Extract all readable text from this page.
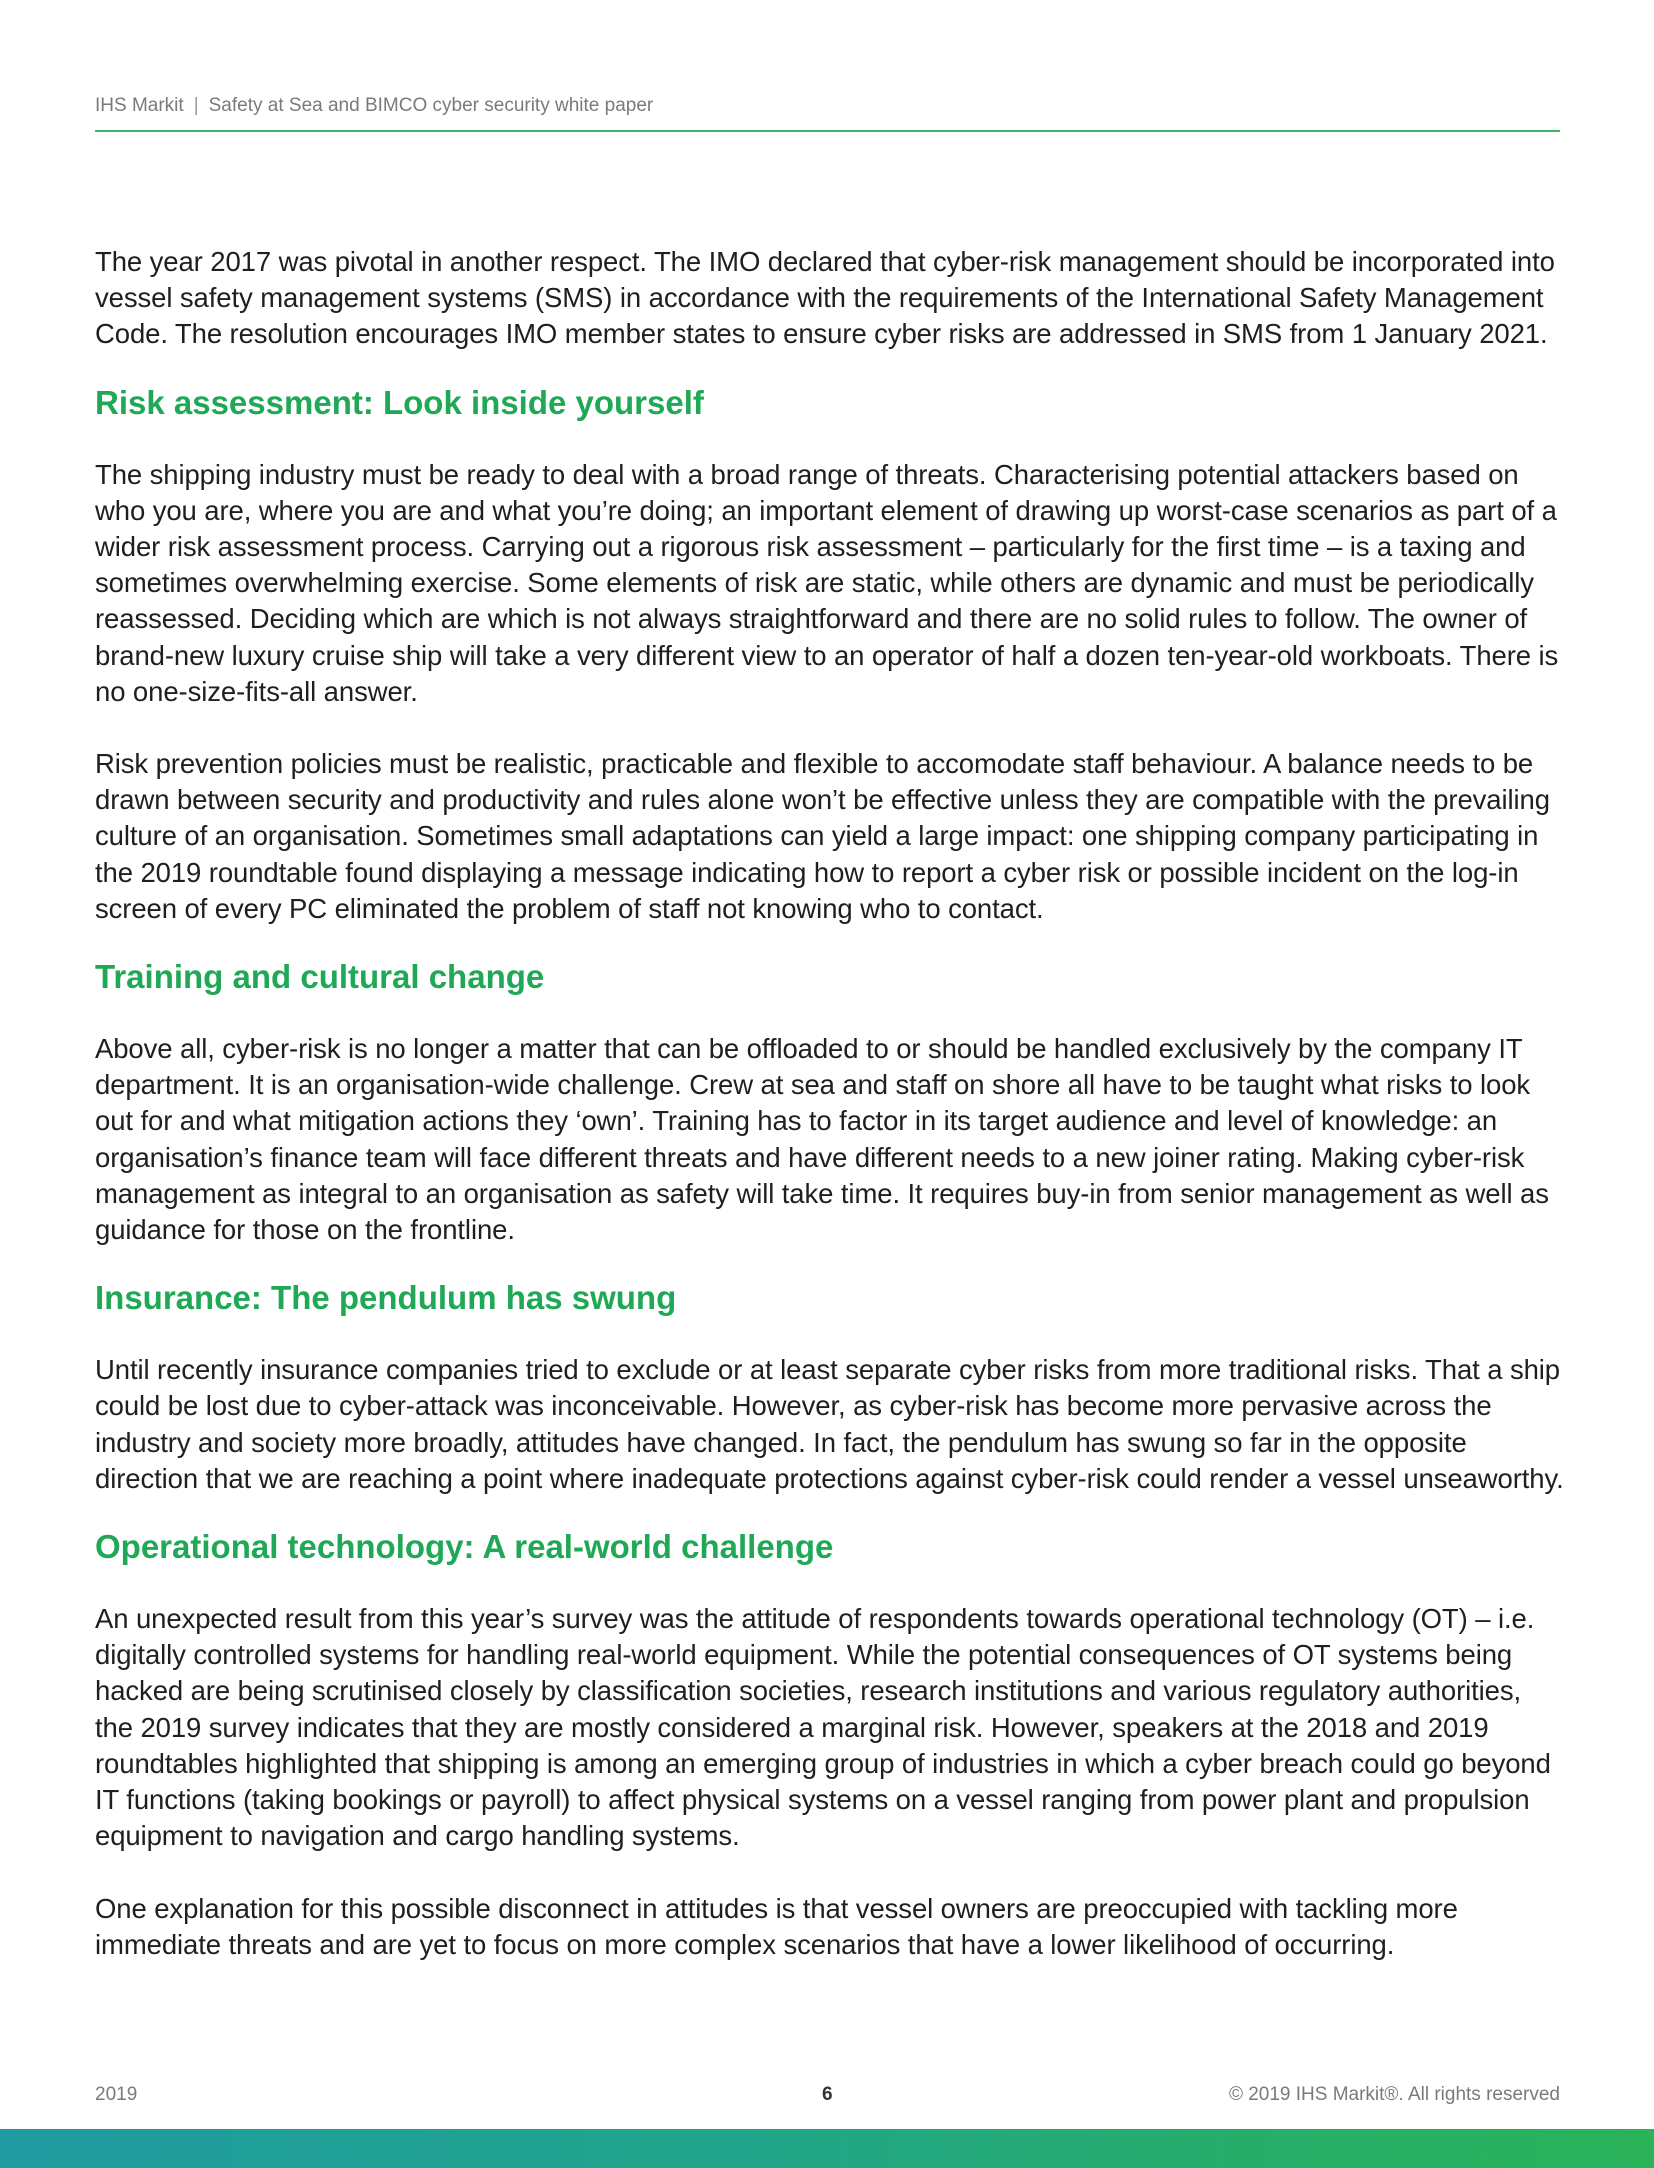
IHS Markit | Safety at Sea and BIMCO cyber security white paper

The year 2017 was pivotal in another respect. The IMO declared that cyber-risk management should be incorporated into vessel safety management systems (SMS) in accordance with the requirements of the International Safety Management Code. The resolution encourages IMO member states to ensure cyber risks are addressed in SMS from 1 January 2021.

Risk assessment: Look inside yourself

The shipping industry must be ready to deal with a broad range of threats. Characterising potential attackers based on who you are, where you are and what you’re doing; an important element of drawing up worst-case scenarios as part of a wider risk assessment process. Carrying out a rigorous risk assessment – particularly for the first time – is a taxing and sometimes overwhelming exercise. Some elements of risk are static, while others are dynamic and must be periodically reassessed. Deciding which are which is not always straightforward and there are no solid rules to follow. The owner of brand-new luxury cruise ship will take a very different view to an operator of half a dozen ten-year-old workboats. There is no one-size-fits-all answer.

Risk prevention policies must be realistic, practicable and flexible to accomodate staff behaviour. A balance needs to be drawn between security and productivity and rules alone won’t be effective unless they are compatible with the prevailing culture of an organisation. Sometimes small adaptations can yield a large impact: one shipping company participating in the 2019 roundtable found displaying a message indicating how to report a cyber risk or possible incident on the log-in screen of every PC eliminated the problem of staff not knowing who to contact.

Training and cultural change

Above all, cyber-risk is no longer a matter that can be offloaded to or should be handled exclusively by the company IT department. It is an organisation-wide challenge. Crew at sea and staff on shore all have to be taught what risks to look out for and what mitigation actions they ‘own’. Training has to factor in its target audience and level of knowledge: an organisation’s finance team will face different threats and have different needs to a new joiner rating. Making cyber-risk management as integral to an organisation as safety will take time. It requires buy-in from senior management as well as guidance for those on the frontline.

Insurance: The pendulum has swung

Until recently insurance companies tried to exclude or at least separate cyber risks from more traditional risks. That a ship could be lost due to cyber-attack was inconceivable. However, as cyber-risk has become more pervasive across the industry and society more broadly, attitudes have changed. In fact, the pendulum has swung so far in the opposite direction that we are reaching a point where inadequate protections against cyber-risk could render a vessel unseaworthy.

Operational technology: A real-world challenge

An unexpected result from this year’s survey was the attitude of respondents towards operational technology (OT) – i.e. digitally controlled systems for handling real-world equipment. While the potential consequences of OT systems being hacked are being scrutinised closely by classification societies, research institutions and various regulatory authorities, the 2019 survey indicates that they are mostly considered a marginal risk. However, speakers at the 2018 and 2019 roundtables highlighted that shipping is among an emerging group of industries in which a cyber breach could go beyond IT functions (taking bookings or payroll) to affect physical systems on a vessel ranging from power plant and propulsion equipment to navigation and cargo handling systems.

One explanation for this possible disconnect in attitudes is that vessel owners are preoccupied with tackling more immediate threats and are yet to focus on more complex scenarios that have a lower likelihood of occurring.

2019	6	© 2019 IHS Markit®. All rights reserved
